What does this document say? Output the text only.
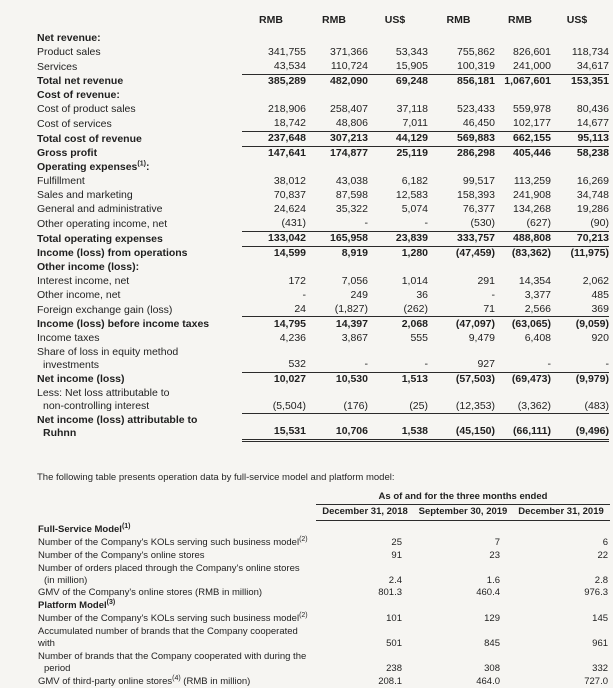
	RMB	RMB	US$	RMB	RMB	US$

Net revenue:						

Product sales	341,755	371,366	53,343	755,862	826,601	118,734

Services	43,534	110,724	15,905	100,319	241,000	34,617

Total net revenue	385,289	482,090	69,248	856,181	1,067,601	153,351

Cost of revenue:						

Cost of product sales	218,906	258,407	37,118	523,433	559,978	80,436

Cost of services	18,742	48,806	7,011	46,450	102,177	14,677

Total cost of revenue	237,648	307,213	44,129	569,883	662,155	95,113

Gross profit	147,641	174,877	25,119	286,298	405,446	58,238

Operating expenses$^{(1)}$:						

Fulfillment	38,012	43,038	6,182	99,517	113,259	16,269

Sales and marketing	70,837	87,598	12,583	158,393	241,908	34,748

General and administrative	24,624	35,322	5,074	76,377	134,268	19,286

Other operating income, net	(431)	-	-	(530)	(627)	(90)

Total operating expenses	133,042	165,958	23,839	333,757	488,808	70,213

Income (loss) from operations	14,599	8,919	1,280	(47,459)	(83,362)	(11,975)

Other income (loss):						

Interest income, net	172	7,056	1,014	291	14,354	2,062

Other income, net	-	249	36	-	3,377	485

Foreign exchange gain (loss)	24	(1,827)	(262)	71	2,566	369

Income (loss) before income taxes	14,795	14,397	2,068	(47,097)	(63,065)	(9,059)

Income taxes	4,236	3,867	555	9,479	6,408	920

Share of loss in equity method
investments	532	-	-	927	-	-

Net income (loss)	10,027	10,530	1,513	(57,503)	(69,473)	(9,979)

Less: Net loss attributable to
non-controlling interest	(5,504)	(176)	(25)	(12,353)	(3,362)	(483)

Net income (loss) attributable to
Ruhnn	15,531	10,706	1,538	(45,150)	(66,111)	(9,496)

The following table presents operation data by full-service model and platform model:

	As of and for the three months ended		
	December 31, 2018	September 30, 2019	December 31, 2019

Full-Service Model$^{(1)}$

Number of the Company's KOLs serving such business model$^{(2)}$	25	7	6

Number of the Company's online stores	91	23	22

Number of orders placed through the Company's online stores
(in million)	2.4	1.6	2.8

GMV of the Company's online stores (RMB in million)	801.3	460.4	976.3

Platform Model$^{(3)}$

Number of the Company's KOLs serving such business model$^{(2)}$	101	129	145

Accumulated number of brands that the Company cooperated with	501	845	961

Number of brands that the Company cooperated with during the
period	238	308	332

GMV of third-party online stores$^{(4)}$ (RMB in million)	208.1	464.0	727.0
